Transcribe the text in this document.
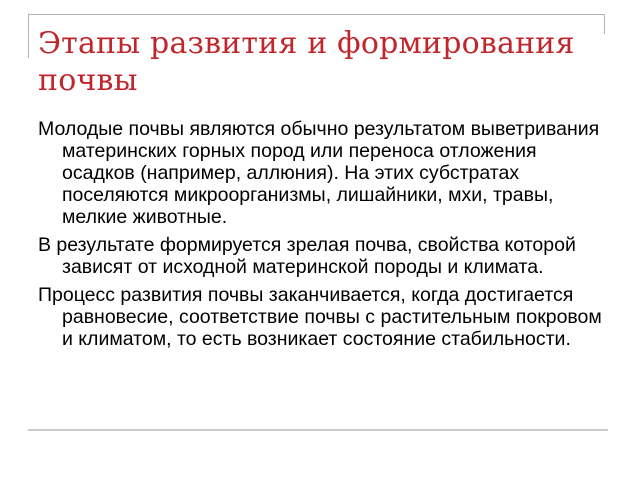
Этапы развития и формирования почвы

Молодые почвы являются обычно результатом выветривания материнских горных пород или переноса отложения осадков (например, аллюния). На этих субстратах поселяются микроорганизмы, лишайники, мхи, травы, мелкие животные.

В результате формируется зрелая почва, свойства которой зависят от исходной материнской породы и климата.

Процесс развития почвы заканчивается, когда достигается равновесие, соответствие почвы с растительным покровом и климатом, то есть возникает состояние стабильности.
